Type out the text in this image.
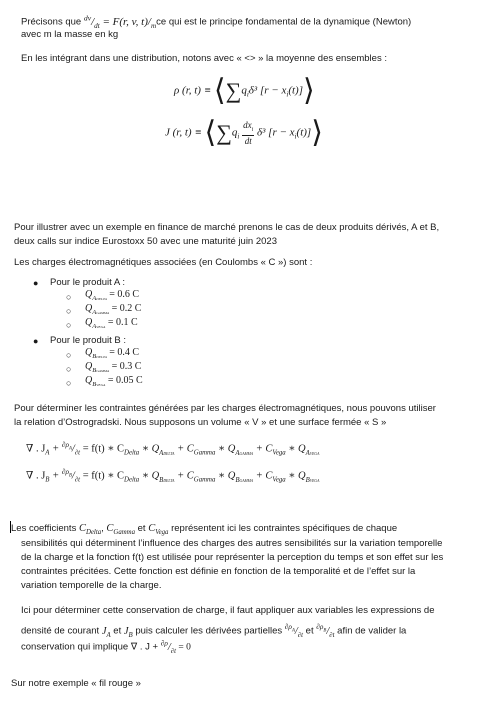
Précisons que $^{dv}/_{dt} = F(r$, v, $t)/_mce$ qui est le principe fondamental de la dynamique (Newton)
avec m la masse en kg
En les intégrant dans une distribution, notons avec « <> » la moyenne des ensembles :
ρ (r, $t) \equiv ⟨\sum q_i\delta^3$ $[r - x_i(t)]⟩$
J (r, $t) \equiv ⟨\sum q_i \frac{dx_i}{dt} \delta^3$ $[r - x_i(t)]⟩$
Pour illustrer avec un exemple en finance de marché prenons le cas de deux produits dérivés, A et B,
deux calls sur indice Eurostoxx 50 avec une maturité juin 2023
Les charges électromagnétiques associées (en Coulombs « C ») sont :
● Pour le produit A :
○ $Q_{ADELTA} = 0.6$ C
○ $Q_{AGAMMA} = 0.2$ C
○ $Q_{AVEGA} = 0.1$ C
● Pour le produit B :
○ $Q_{BDELTA} = 0.4$ C
○ $Q_{BGAMMA} = 0.3$ C
○ $Q_{BVEGA} = 0.05$ C
Pour déterminer les contraintes générées par les charges électromagnétiques, nous pouvons utiliser
la relation d’Ostrogradski. Nous supposons un volume « V » et une surface fermée « S »
∇ . $J_A + ^{\partial\rho_A}/_{\partial t} = f(t)$ ∗ $C_{Delta}$ ∗ $Q_{ADELTA} + C_{Gamma}$ ∗ $Q_{AGAMMA} + C_{Vega}$ ∗ $Q_{AVEGA}$
∇ . $J_B + ^{\partial\rho_B}/_{\partial t} = f(t)$ ∗ $C_{Delta}$ ∗ $Q_{BDELTA} + C_{Gamma}$ ∗ $Q_{BGAMMA} + C_{Vega}$ ∗ $Q_{BVEGA}$
Les coefficients $C_{Delta}$, $C_{Gamma}$ et $C_{Vega}$ représentent ici les contraintes spécifiques de chaque
sensibilités qui déterminent l’influence des charges des autres sensibilités sur la variation temporelle
de la charge et la fonction f(t) est utilisée pour représenter la perception du temps et son effet sur les
contraintes précitées. Cette fonction est définie en fonction de la temporalité et de l’effet sur la
variation temporelle de la charge.
Ici pour déterminer cette conservation de charge, il faut appliquer aux variables les expressions de
densité de courant $J_A$ et $J_B$ puis calculer les dérivées partielles $^{\partial\rho_A}/_{\partial t}$ et $^{\partial\rho_B}/_{\partial t}$ afin de valider la
conservation qui implique ∇ . $J + ^{\partial\rho}/_{\partial t} = 0$
Sur notre exemple « fil rouge »
